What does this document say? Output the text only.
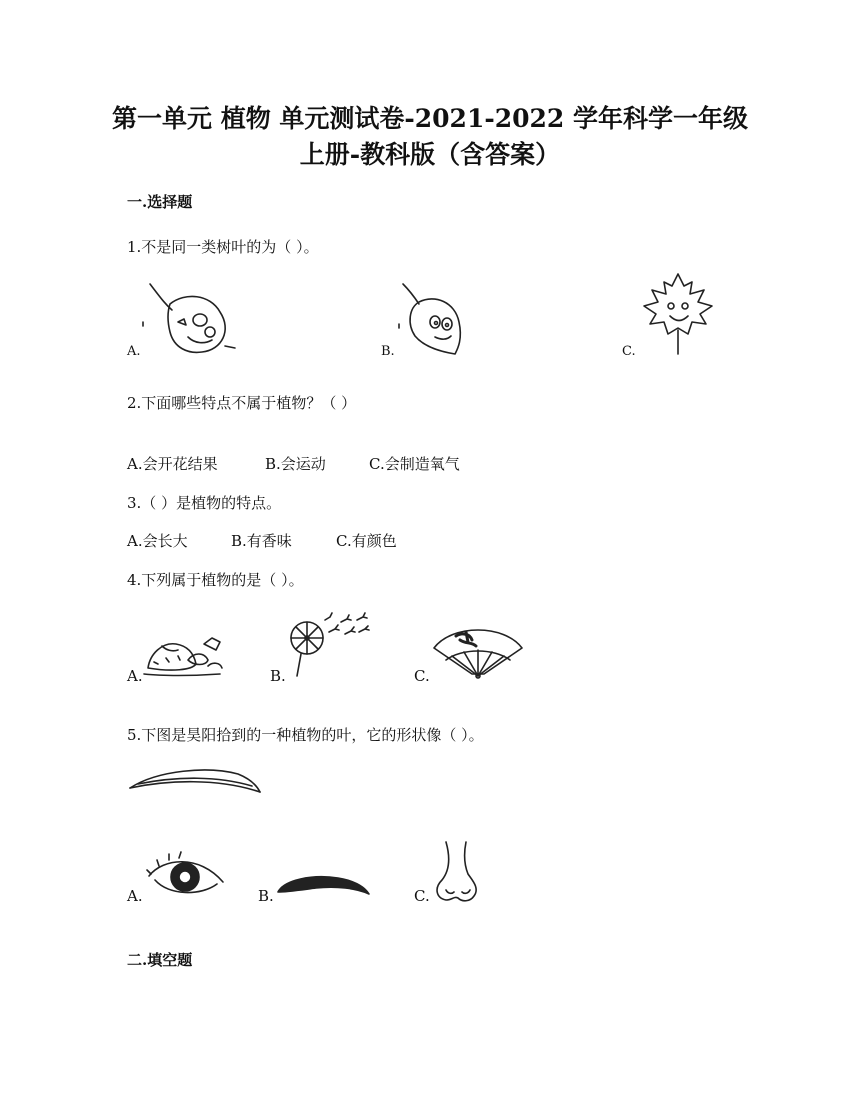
第一单元 植物 单元测试卷-2021-2022 学年科学一年级
上册-教科版（含答案）
一.选择题
1.不是同一类树叶的为（ ）。
A.	B.	C.
2.下面哪些特点不属于植物？（ ）
A.会开花结果	B.会运动	C.会制造氧气
3.（ ）是植物的特点。
A.会长大	B.有香味	C.有颜色
4.下列属于植物的是（ ）。
A.	B.	C.
5.下图是昊阳拾到的一种植物的叶，它的形状像（ ）。
A.	B.	C.
二.填空题
